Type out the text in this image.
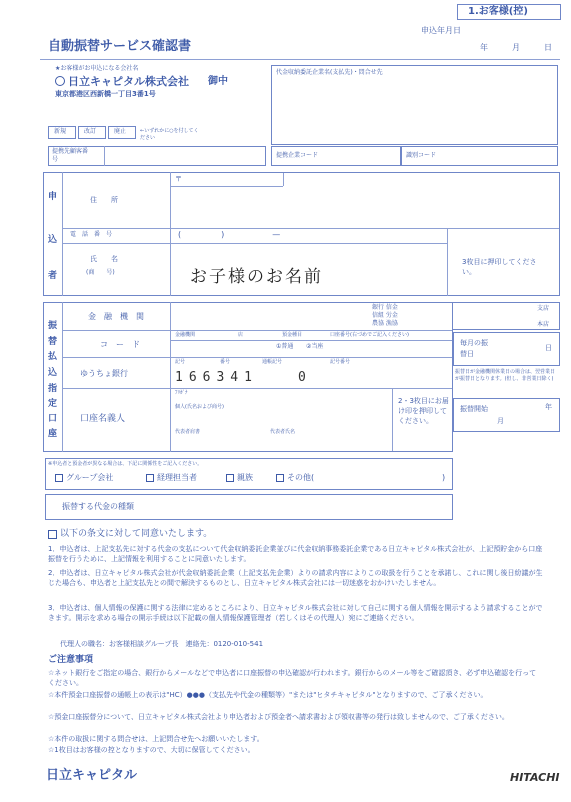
1.お客様(控)
自動振替サービス確認書
申込年月日
年	月	日
★お客様がお申込になる会社名
日立キャピタル株式会社 御中
東京都港区西新橋一丁目3番1号
代金収納委託企業名(支払先)・問合せ先
新規	改訂	廃止	←いずれかに○を付してください
提携先顧客番号
提携企業コード	識別コード
申
込
者
住　　所
〒
電　話　番　号	(　　　　　)　　　　　　—
氏　　名
(商　　号)	お子様のお名前
3枚目に押印してください。
振
替
払
込
指
定
口
座
金　融　機　関
銀行 信金
信組 労金
農協 漁協
支店
本店
コ　ー　ド
金融機関	店	預金種目	口座番号(右づめでご記入ください)
①普通 ②当座
ゆうちょ銀行
記号	番号	通帳記号	記号番号
166341	0
口座名義人
ﾌﾘｶﾞﾅ
個人(氏名および商号)
代表者肩書	代表者氏名
2・3枚目にお届け印を押印してください。
毎月の振替日
日
振替日が金融機関休業日の場合は、翌営業日が振替日となります。(但し、非営業日除く)
振替開始	年
月
※申込者と預金者が異なる場合は、下記に関係性をご記入ください。
グループ会社	経理担当者	親族	その他(	)
振替する代金の種類
以下の条文に対して同意いたします。
1．申込者は、上記支払先に対する代金の支払について代金収納委託企業並びに代金収納事務委託企業である日立キャピタル株式会社が、上記預貯金から口座振替を行うために、上記情報を利用することに同意いたします。
2．申込者は、日立キャピタル株式会社が代金収納委託企業（上記支払先企業）よりの請求内容によりこの取扱を行うことを承諾し、これに関し後日紛議が生じた場合も、申込者と上記支払先との間で解決するものとし、日立キャピタル株式会社には一切迷惑をおかけいたしません。
3．申込者は、個人情報の保護に関する法律に定めるところにより、日立キャピタル株式会社に対して自己に関する個人情報を開示するよう請求することができます。開示を求める場合の開示手続は以下記載の個人情報保護管理者（若しくはその代理人）宛にご連絡ください。
代理人の職名：お客様相談グループ長　連絡先：0120-010-541
ご注意事項
☆ネット銀行をご指定の場合、銀行からメールなどで申込者に口座振替の申込確認が行われます。銀行からのメール等をご確認頂き、必ず申込確認を行ってください。
☆本件預金口座振替の通帳上の表示は"HC）●●●（支払先や代金の種類等）"または"ヒタチキャピタル"となりますので、ご了承ください。
☆預金口座振替分について、日立キャピタル株式会社より申込者および預金者へ請求書および領収書等の発行は致しませんので、ご了承ください。
☆本件の取扱に関する問合せは、上記問合せ先へお願いいたします。
☆1枚目はお客様の控となりますので、大切に保管してください。
日立キャピタル	HITACHI
